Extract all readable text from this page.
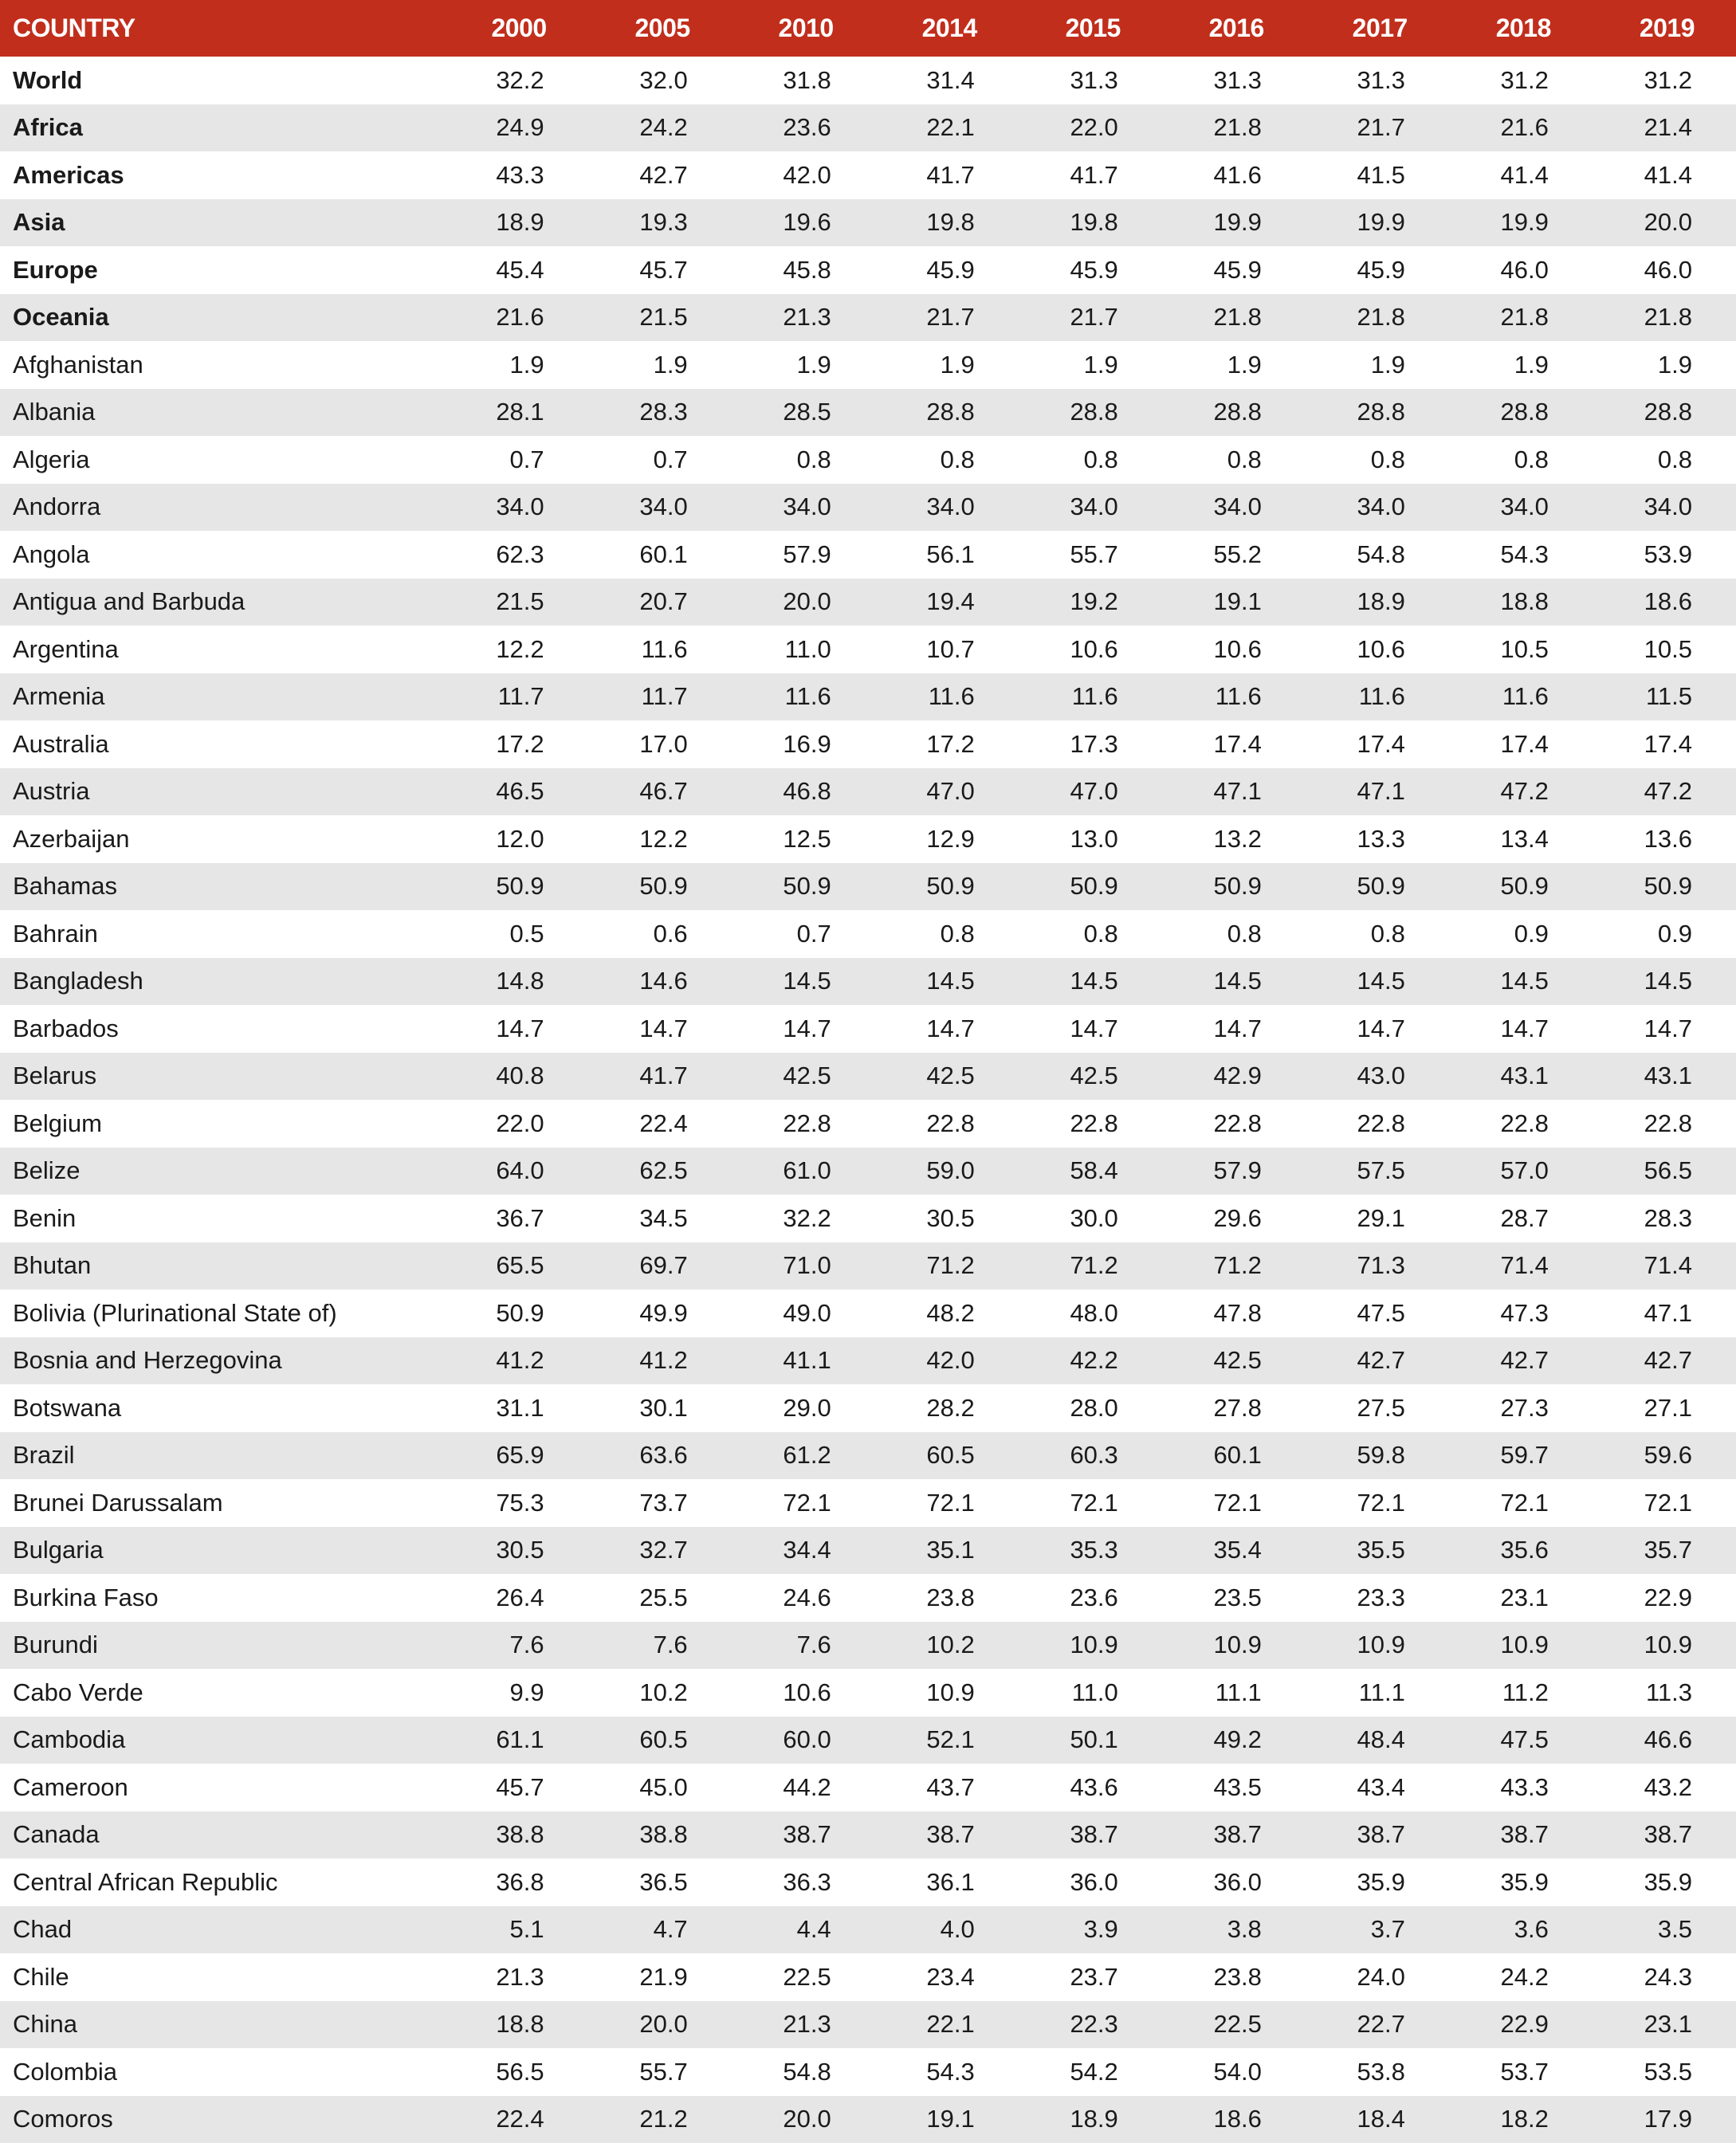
COUNTRY	2000	2005	2010	2014	2015	2016	2017	2018	2019
World	32.2	32.0	31.8	31.4	31.3	31.3	31.3	31.2	31.2
Africa	24.9	24.2	23.6	22.1	22.0	21.8	21.7	21.6	21.4
Americas	43.3	42.7	42.0	41.7	41.7	41.6	41.5	41.4	41.4
Asia	18.9	19.3	19.6	19.8	19.8	19.9	19.9	19.9	20.0
Europe	45.4	45.7	45.8	45.9	45.9	45.9	45.9	46.0	46.0
Oceania	21.6	21.5	21.3	21.7	21.7	21.8	21.8	21.8	21.8
Afghanistan	1.9	1.9	1.9	1.9	1.9	1.9	1.9	1.9	1.9
Albania	28.1	28.3	28.5	28.8	28.8	28.8	28.8	28.8	28.8
Algeria	0.7	0.7	0.8	0.8	0.8	0.8	0.8	0.8	0.8
Andorra	34.0	34.0	34.0	34.0	34.0	34.0	34.0	34.0	34.0
Angola	62.3	60.1	57.9	56.1	55.7	55.2	54.8	54.3	53.9
Antigua and Barbuda	21.5	20.7	20.0	19.4	19.2	19.1	18.9	18.8	18.6
Argentina	12.2	11.6	11.0	10.7	10.6	10.6	10.6	10.5	10.5
Armenia	11.7	11.7	11.6	11.6	11.6	11.6	11.6	11.6	11.5
Australia	17.2	17.0	16.9	17.2	17.3	17.4	17.4	17.4	17.4
Austria	46.5	46.7	46.8	47.0	47.0	47.1	47.1	47.2	47.2
Azerbaijan	12.0	12.2	12.5	12.9	13.0	13.2	13.3	13.4	13.6
Bahamas	50.9	50.9	50.9	50.9	50.9	50.9	50.9	50.9	50.9
Bahrain	0.5	0.6	0.7	0.8	0.8	0.8	0.8	0.9	0.9
Bangladesh	14.8	14.6	14.5	14.5	14.5	14.5	14.5	14.5	14.5
Barbados	14.7	14.7	14.7	14.7	14.7	14.7	14.7	14.7	14.7
Belarus	40.8	41.7	42.5	42.5	42.5	42.9	43.0	43.1	43.1
Belgium	22.0	22.4	22.8	22.8	22.8	22.8	22.8	22.8	22.8
Belize	64.0	62.5	61.0	59.0	58.4	57.9	57.5	57.0	56.5
Benin	36.7	34.5	32.2	30.5	30.0	29.6	29.1	28.7	28.3
Bhutan	65.5	69.7	71.0	71.2	71.2	71.2	71.3	71.4	71.4
Bolivia (Plurinational State of)	50.9	49.9	49.0	48.2	48.0	47.8	47.5	47.3	47.1
Bosnia and Herzegovina	41.2	41.2	41.1	42.0	42.2	42.5	42.7	42.7	42.7
Botswana	31.1	30.1	29.0	28.2	28.0	27.8	27.5	27.3	27.1
Brazil	65.9	63.6	61.2	60.5	60.3	60.1	59.8	59.7	59.6
Brunei Darussalam	75.3	73.7	72.1	72.1	72.1	72.1	72.1	72.1	72.1
Bulgaria	30.5	32.7	34.4	35.1	35.3	35.4	35.5	35.6	35.7
Burkina Faso	26.4	25.5	24.6	23.8	23.6	23.5	23.3	23.1	22.9
Burundi	7.6	7.6	7.6	10.2	10.9	10.9	10.9	10.9	10.9
Cabo Verde	9.9	10.2	10.6	10.9	11.0	11.1	11.1	11.2	11.3
Cambodia	61.1	60.5	60.0	52.1	50.1	49.2	48.4	47.5	46.6
Cameroon	45.7	45.0	44.2	43.7	43.6	43.5	43.4	43.3	43.2
Canada	38.8	38.8	38.7	38.7	38.7	38.7	38.7	38.7	38.7
Central African Republic	36.8	36.5	36.3	36.1	36.0	36.0	35.9	35.9	35.9
Chad	5.1	4.7	4.4	4.0	3.9	3.8	3.7	3.6	3.5
Chile	21.3	21.9	22.5	23.4	23.7	23.8	24.0	24.2	24.3
China	18.8	20.0	21.3	22.1	22.3	22.5	22.7	22.9	23.1
Colombia	56.5	55.7	54.8	54.3	54.2	54.0	53.8	53.7	53.5
Comoros	22.4	21.2	20.0	19.1	18.9	18.6	18.4	18.2	17.9
